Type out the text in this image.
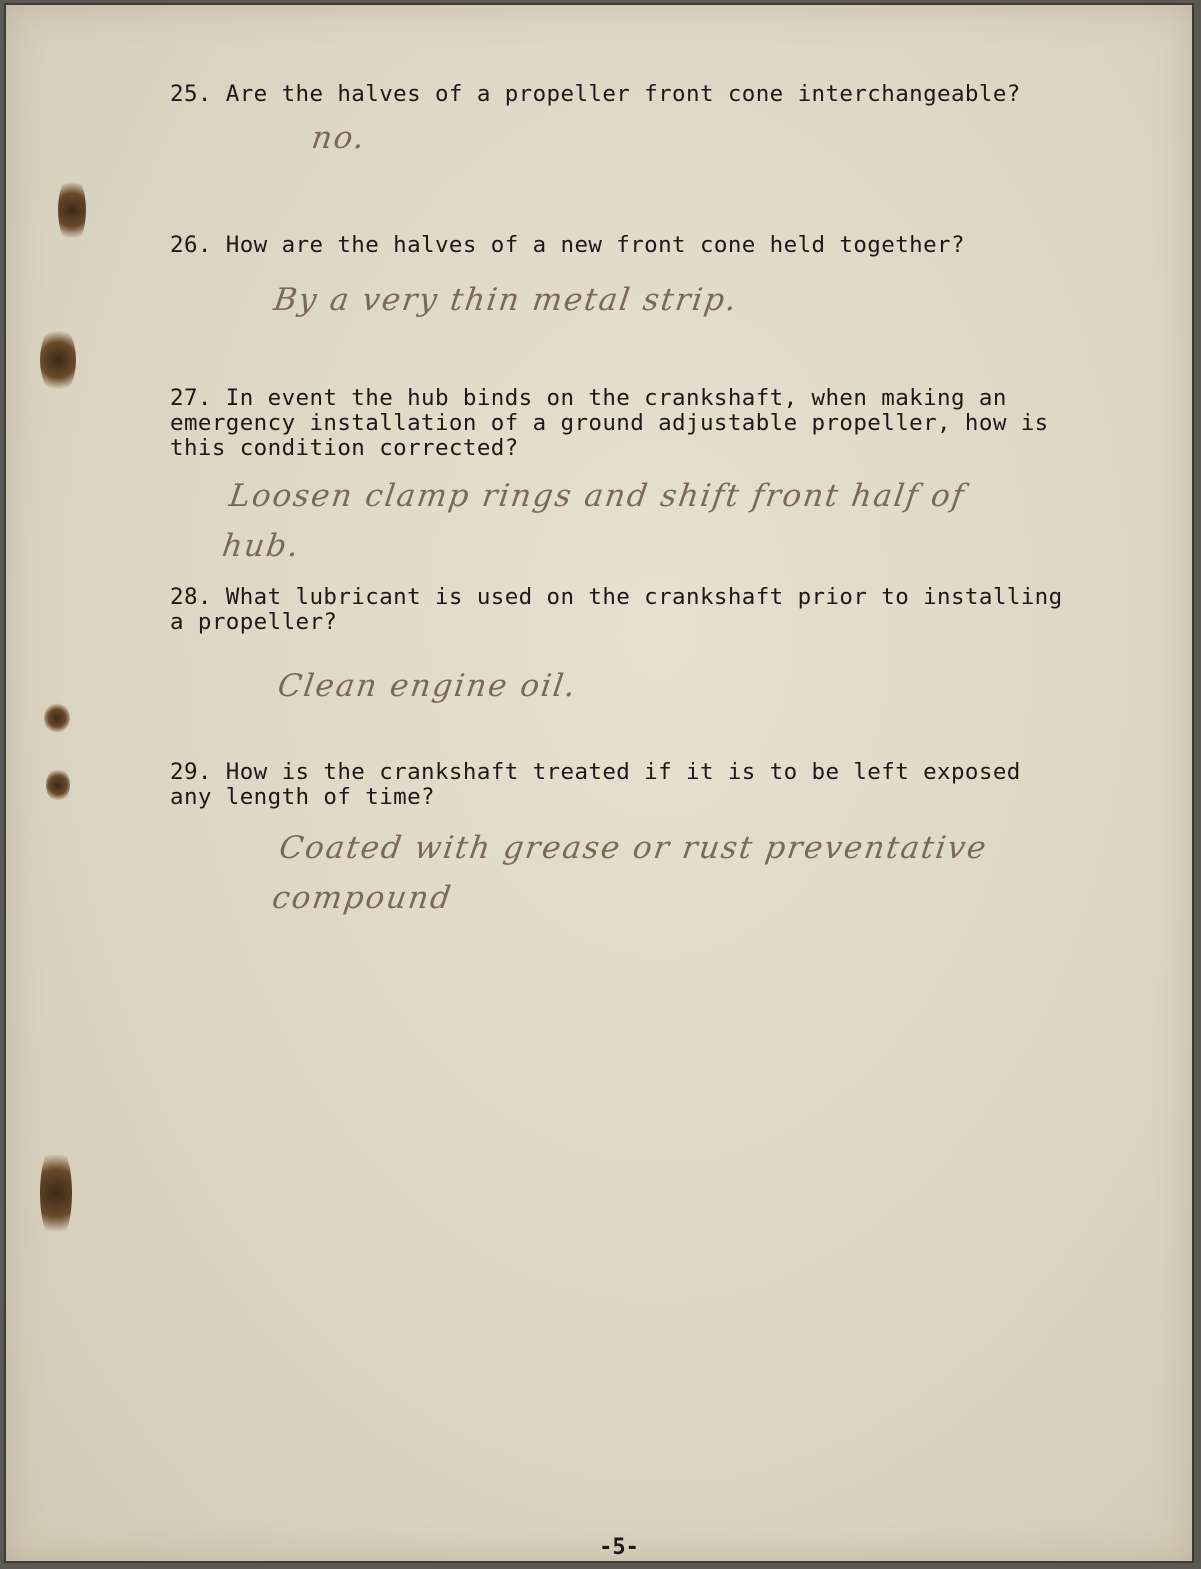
25. Are the halves of a propeller front cone interchangeable?

no.

26. How are the halves of a new front cone held together?

By a very thin metal strip.

27. In event the hub binds on the crankshaft, when making an
emergency installation of a ground adjustable propeller, how is
this condition corrected?

Loosen clamp rings and shift front half of
hub.

28. What lubricant is used on the crankshaft prior to installing
a propeller?

Clean engine oil.

29. How is the crankshaft treated if it is to be left exposed
any length of time?

Coated with grease or rust preventative
compound

-5-
